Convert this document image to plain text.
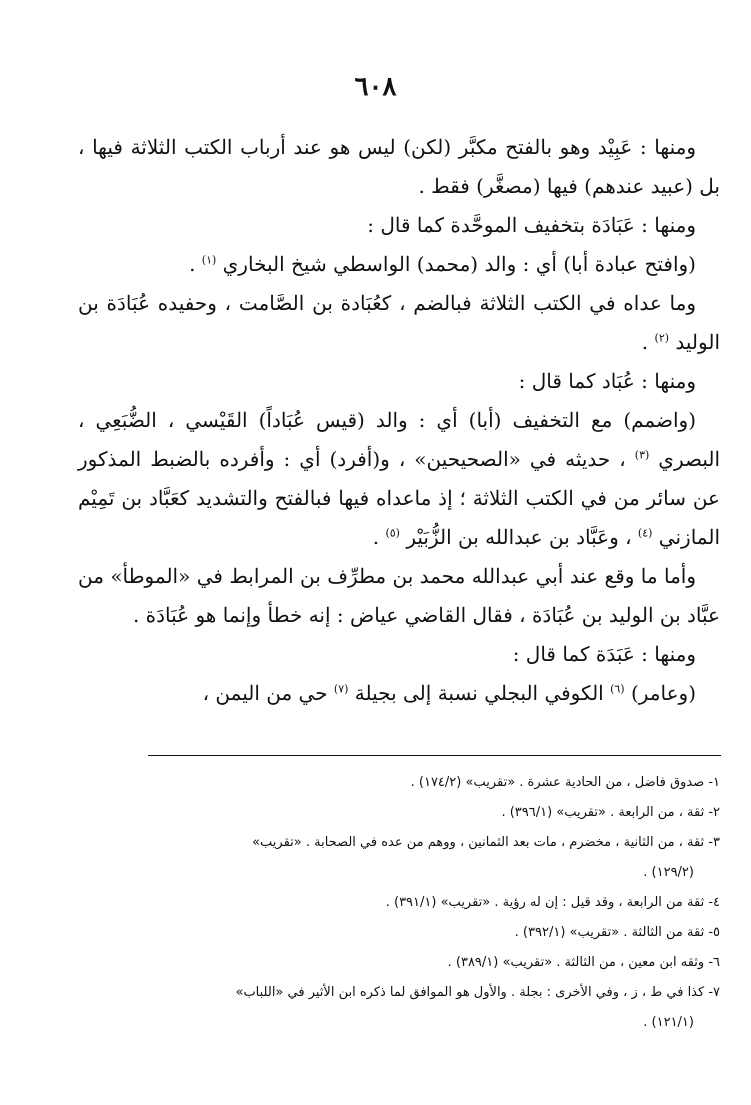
٦٠٨

ومنها : عَبِيْد وهو بالفتح مكبَّر (لكن) ليس هو عند أرباب الكتب الثلاثة فيها ، بل (عبيد عندهم) فيها (مصغَّر) فقط .

ومنها : عَبَادَة بتخفيف الموحَّدة كما قال :

(وافتح عبادة أبا) أي : والد (محمد) الواسطي شيخ البخاري $^{(١)}$ .

وما عداه في الكتب الثلاثة فبالضم ، كعُبَادة بن الصَّامت ، وحفيده عُبَادَة بن الوليد $^{(٢)}$ .

ومنها : عُبَاد كما قال :

(واضمم) مع التخفيف (أبا) أي : والد (قيس عُبَاداً) القَيْسي ، الضُّبَعِي ، البصري $^{(٣)}$ ، حديثه في «الصحيحين» ، و(أفرد) أي : وأفرده بالضبط المذكور عن سائر من في الكتب الثلاثة ؛ إذ ماعداه فيها فبالفتح والتشديد كعَبَّاد بن تَمِيْم المازني $^{(٤)}$ ، وعَبَّاد بن عبدالله بن الزُّبَيْر $^{(٥)}$ .

وأما ما وقع عند أبي عبدالله محمد بن مطرِّف بن المرابط في «الموطأ» من عبَّاد بن الوليد بن عُبَادَة ، فقال القاضي عياض : إنه خطأ وإنما هو عُبَادَة .

ومنها : عَبَدَة كما قال :

(وعامر) $^{(٦)}$ الكوفي البجلي نسبة إلى بجيلة $^{(٧)}$ حي من اليمن ،

١- صدوق فاضل ، من الحادية عشرة . «تقريب» (١٧٤/٢) .
٢- ثقة ، من الرابعة . «تقريب» (٣٩٦/١) .
٣- ثقة ، من الثانية ، مخضرم ، مات بعد الثمانين ، ووهم من عده في الصحابة . «تقريب»
(١٢٩/٢) .
٤- ثقة من الرابعة ، وقد قيل : إن له رؤية . «تقريب» (٣٩١/١) .
٥- ثقة من الثالثة . «تقريب» (٣٩٢/١) .
٦- وثقه ابن معين ، من الثالثة . «تقريب» (٣٨٩/١) .
٧- كذا في ط ، ز ، وفي الأخرى : بجلة . والأول هو الموافق لما ذكره ابن الأثير في «اللباب»
(١٢١/١) .
